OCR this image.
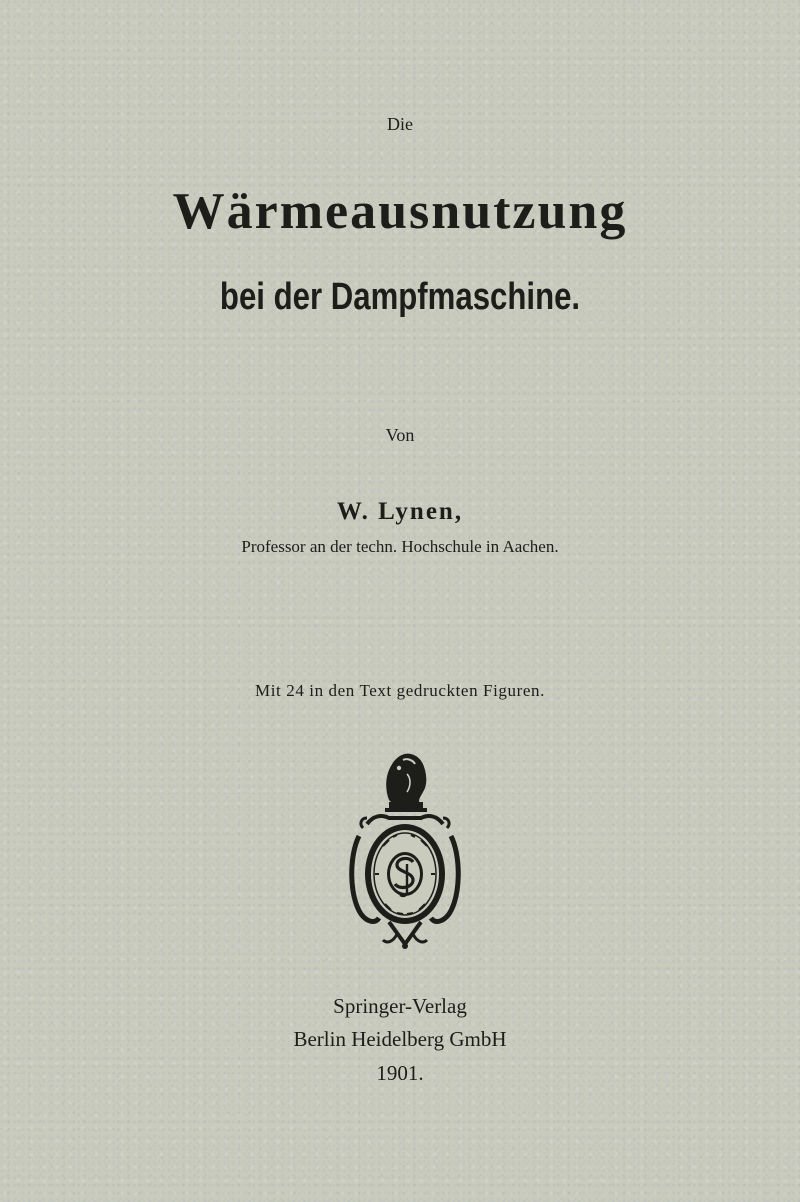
Die
Wärmeausnutzung
bei der Dampfmaschine.
Von
W. Lynen,
Professor an der techn. Hochschule in Aachen.
Mit 24 in den Text gedruckten Figuren.
Springer-Verlag
Berlin Heidelberg GmbH
1901.
